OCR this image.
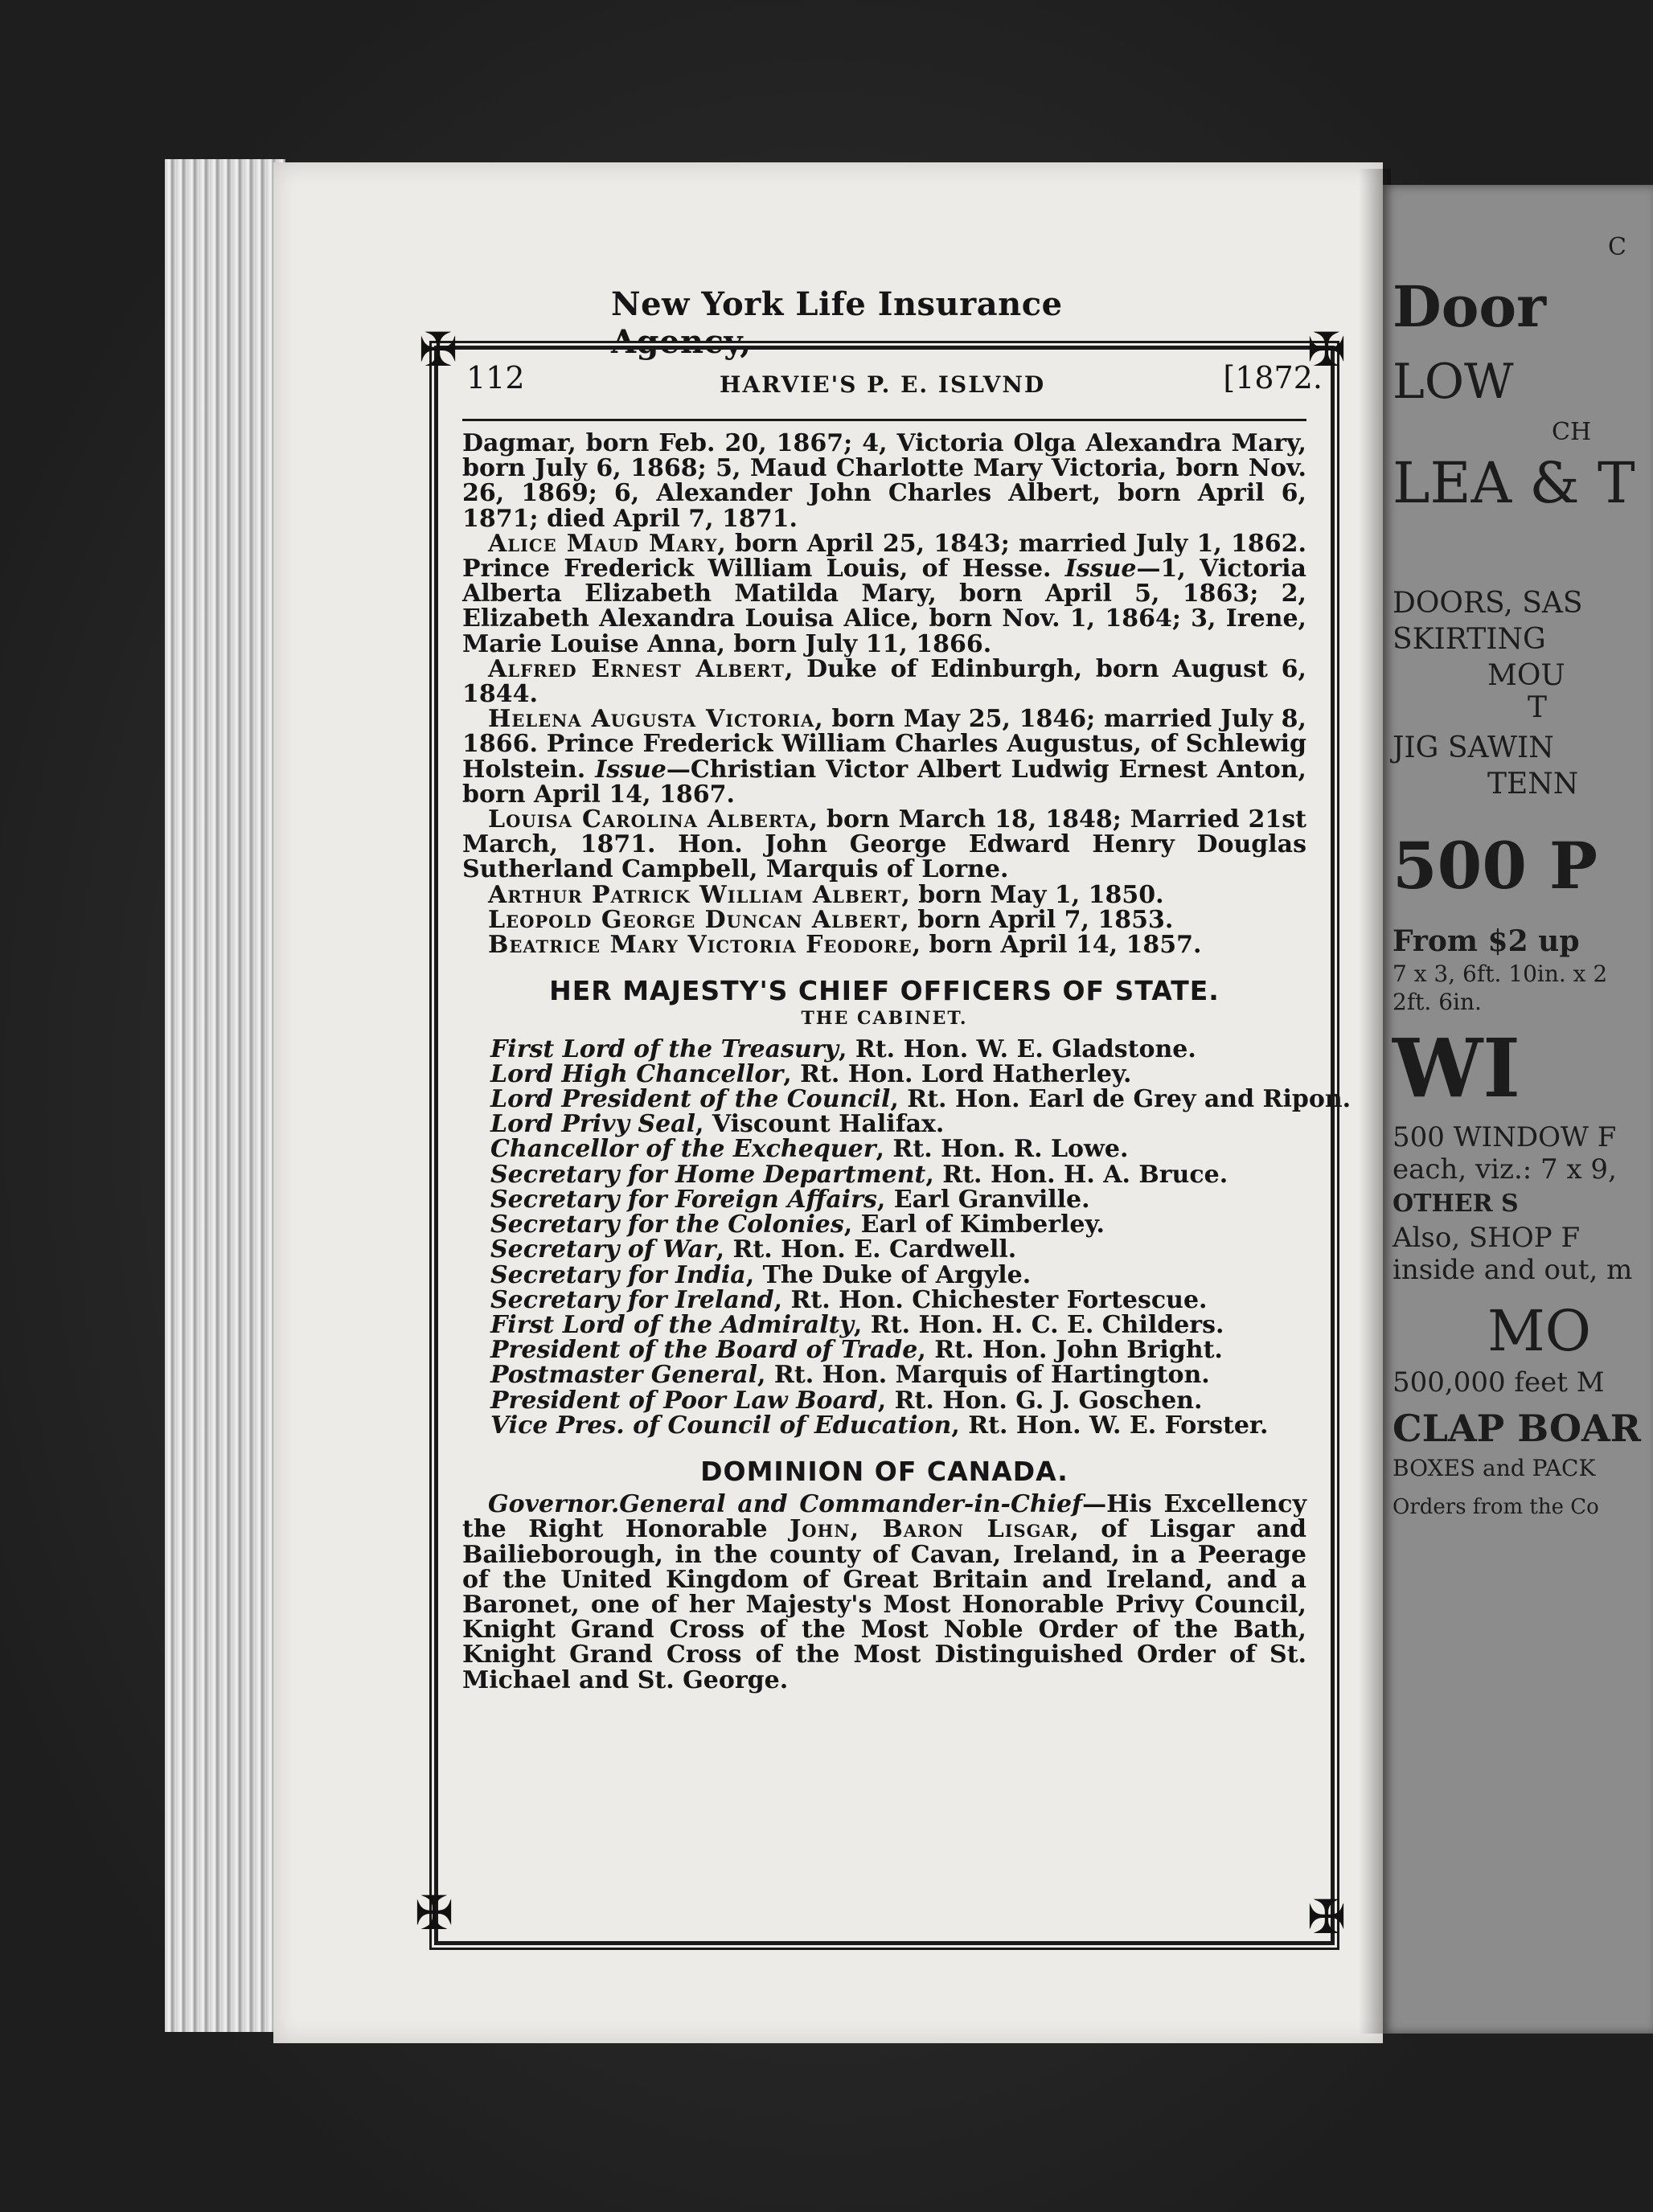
C
Door
LOW
CH
LEA & T
DOORS, SAS
SKIRTING
MOU
T
JIG SAWIN
TENN
500 P
From $2 up
7 x 3, 6ft. 10in. x 2
2ft. 6in.
WI
500 WINDOW F
each, viz.: 7 x 9,
OTHER S
Also, SHOP F
inside and out, m
MO
500,000 feet M
CLAP BOAR
BOXES and PACK
Orders from the Co
New York Life Insurance Agency,
✠	✠
✠	✠
112	HARVIE'S P. E. ISLVND	[1872.

Dagmar, born Feb. 20, 1867; 4, Victoria Olga Alexandra Mary, born July 6, 1868; 5, Maud Charlotte Mary Victoria, born Nov. 26, 1869; 6, Alexander John Charles Albert, born April 6, 1871; died April 7, 1871.

Alice Maud Mary, born April 25, 1843; married July 1, 1862. Prince Frederick William Louis, of Hesse. Issue—1, Victoria Alberta Elizabeth Matilda Mary, born April 5, 1863; 2, Elizabeth Alexandra Louisa Alice, born Nov. 1, 1864; 3, Irene, Marie Louise Anna, born July 11, 1866.

Alfred Ernest Albert, Duke of Edinburgh, born August 6, 1844.

Helena Augusta Victoria, born May 25, 1846; married July 8, 1866. Prince Frederick William Charles Augustus, of Schlewig Holstein. Issue—Christian Victor Albert Ludwig Ernest Anton, born April 14, 1867.

Louisa Carolina Alberta, born March 18, 1848; Married 21st March, 1871. Hon. John George Edward Henry Douglas Sutherland Campbell, Marquis of Lorne.

Arthur Patrick William Albert, born May 1, 1850.

Leopold George Duncan Albert, born April 7, 1853.

Beatrice Mary Victoria Feodore, born April 14, 1857.

HER MAJESTY'S CHIEF OFFICERS OF STATE.
THE CABINET.
First Lord of the Treasury, Rt. Hon. W. E. Gladstone.
Lord High Chancellor, Rt. Hon. Lord Hatherley.
Lord President of the Council, Rt. Hon. Earl de Grey and Ripon.
Lord Privy Seal, Viscount Halifax.
Chancellor of the Exchequer, Rt. Hon. R. Lowe.
Secretary for Home Department, Rt. Hon. H. A. Bruce.
Secretary for Foreign Affairs, Earl Granville.
Secretary for the Colonies, Earl of Kimberley.
Secretary of War, Rt. Hon. E. Cardwell.
Secretary for India, The Duke of Argyle.
Secretary for Ireland, Rt. Hon. Chichester Fortescue.
First Lord of the Admiralty, Rt. Hon. H. C. E. Childers.
President of the Board of Trade, Rt. Hon. John Bright.
Postmaster General, Rt. Hon. Marquis of Hartington.
President of Poor Law Board, Rt. Hon. G. J. Goschen.
Vice Pres. of Council of Education, Rt. Hon. W. E. Forster.
DOMINION OF CANADA.

Governor.General and Commander-in-Chief—His Excellency the Right Honorable John, Baron Lisgar, of Lisgar and Bailieborough, in the county of Cavan, Ireland, in a Peerage of the United Kingdom of Great Britain and Ireland, and a Baronet, one of her Majesty's Most Honorable Privy Council, Knight Grand Cross of the Most Noble Order of the Bath, Knight Grand Cross of the Most Distinguished Order of St. Michael and St. George.
